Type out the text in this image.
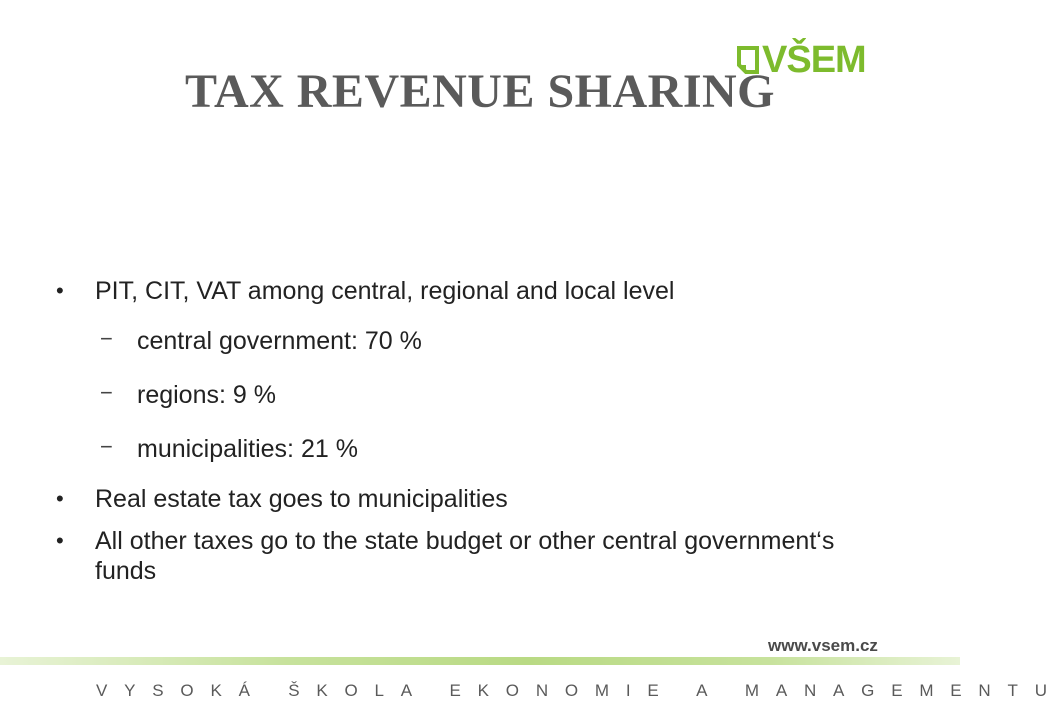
VŠEM
TAX REVENUE SHARING
•	PIT, CIT, VAT among central, regional and local level
− central government: 70 %
− regions: 9 %
− municipalities: 21 %
•	Real estate tax goes to municipalities
•	All other taxes go to the state budget or other central government‘s funds
www.vsem.cz
VYSOKÁ ŠKOLA EKONOMIE A MANAGEMENTU
